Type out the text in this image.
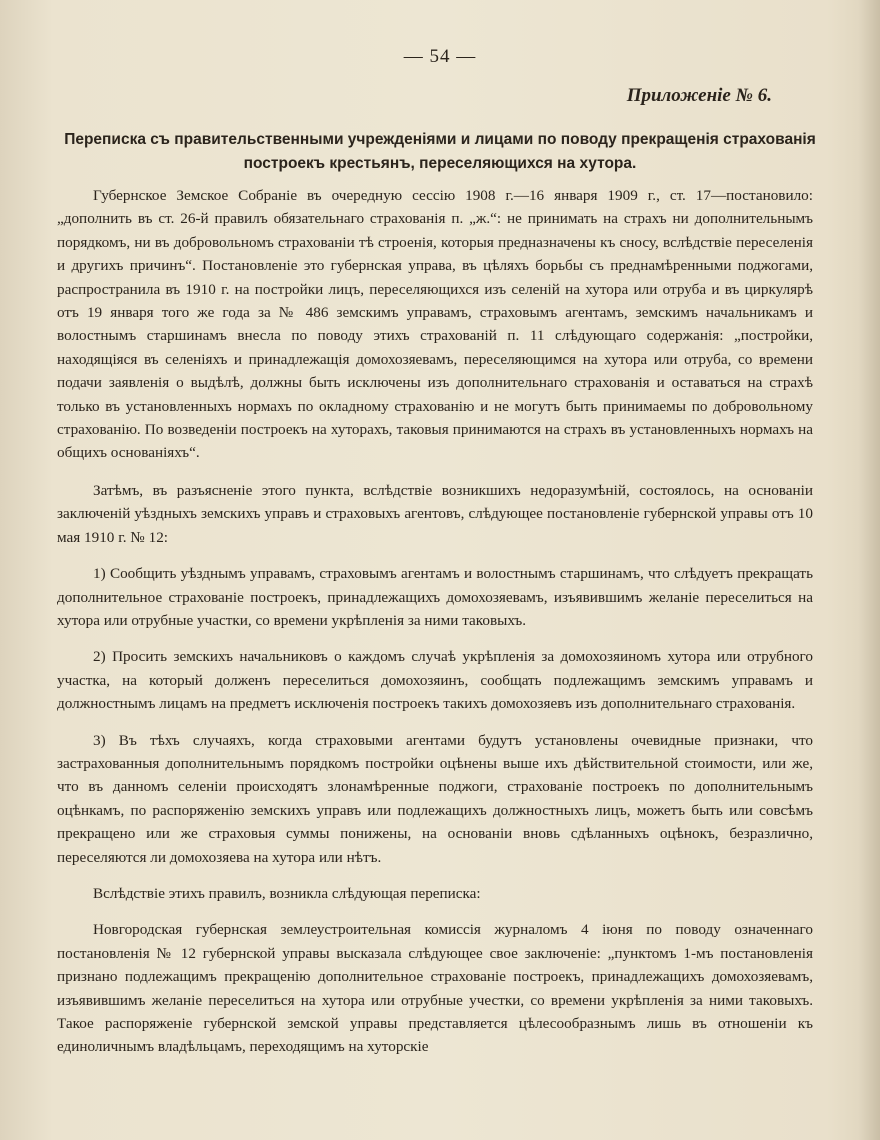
— 54 —
Приложеніе № 6.
Переписка съ правительственными учрежденіями и лицами по поводу прекращенія страхованія
построекъ крестьянъ, переселяющихся на хутора.

Губернское Земское Собраніе въ очередную сессію 1908 г.—16 января 1909 г., ст. 17—постановило: „дополнить въ ст. 26-й правилъ обязательнаго страхованія п. „ж.“: не принимать на страхъ ни дополнительнымъ порядкомъ, ни въ добровольномъ страхованіи тѣ строенія, которыя предназначены къ сносу, вслѣдствіе переселенія и другихъ причинъ“. Постановленіе это губернская управа, въ цѣляхъ борьбы съ преднамѣренными поджогами, распространила въ 1910 г. на постройки лицъ, переселяющихся изъ селеній на хутора или отруба и въ циркулярѣ отъ 19 января того же года за № 486 земскимъ управамъ, страховымъ агентамъ, земскимъ начальникамъ и волостнымъ старшинамъ внесла по поводу этихъ страхованій п. 11 слѣдующаго содержанія: „постройки, находящіяся въ селеніяхъ и принадлежащія домохозяевамъ, переселяющимся на хутора или отруба, со времени подачи заявленія о выдѣлѣ, должны быть исключены изъ дополнительнаго страхованія и оставаться на страхѣ только въ установленныхъ нормахъ по окладному страхованію и не могутъ быть принимаемы по добровольному страхованію. По возведеніи построекъ на хуторахъ, таковыя принимаются на страхъ въ установленныхъ нормахъ на общихъ основаніяхъ“.

Затѣмъ, въ разъясненіе этого пункта, вслѣдствіе возникшихъ недоразумѣній, состоялось, на основаніи заключеній уѣздныхъ земскихъ управъ и страховыхъ агентовъ, слѣдующее постановленіе губернской управы отъ 10 мая 1910 г. № 12:

1) Сообщить уѣзднымъ управамъ, страховымъ агентамъ и волостнымъ старшинамъ, что слѣдуетъ прекращать дополнительное страхованіе построекъ, принадлежащихъ домохозяевамъ, изъявившимъ желаніе переселиться на хутора или отрубные участки, со времени укрѣпленія за ними таковыхъ.

2) Просить земскихъ начальниковъ о каждомъ случаѣ укрѣпленія за домохозяиномъ хутора или отрубного участка, на который долженъ переселиться домохозяинъ, сообщать подлежащимъ земскимъ управамъ и должностнымъ лицамъ на предметъ исключенія построекъ такихъ домохозяевъ изъ дополнительнаго страхованія.

3) Въ тѣхъ случаяхъ, когда страховыми агентами будутъ установлены очевидные признаки, что застрахованныя дополнительнымъ порядкомъ постройки оцѣнены выше ихъ дѣйствительной стоимости, или же, что въ данномъ селеніи происходятъ злонамѣренные поджоги, страхованіе построекъ по дополнительнымъ оцѣнкамъ, по распоряженію земскихъ управъ или подлежащихъ должностныхъ лицъ, можетъ быть или совсѣмъ прекращено или же страховыя суммы понижены, на основаніи вновь сдѣланныхъ оцѣнокъ, безразлично, переселяются ли домохозяева на хутора или нѣтъ.

Вслѣдствіе этихъ правилъ, возникла слѣдующая переписка:

Новгородская губернская землеустроительная комиссія журналомъ 4 іюня по поводу означеннаго постановленія № 12 губернской управы высказала слѣдующее свое заключеніе: „пунктомъ 1-мъ постановленія признано подлежащимъ прекращенію дополнительное страхованіе построекъ, принадлежащихъ домохозяевамъ, изъявившимъ желаніе переселиться на хутора или отрубные учестки, со времени укрѣпленія за ними таковыхъ. Такое распоряженіе губернской земской управы представляется цѣлесообразнымъ лишь въ отношеніи къ единоличнымъ владѣльцамъ, переходящимъ на хуторскіе
